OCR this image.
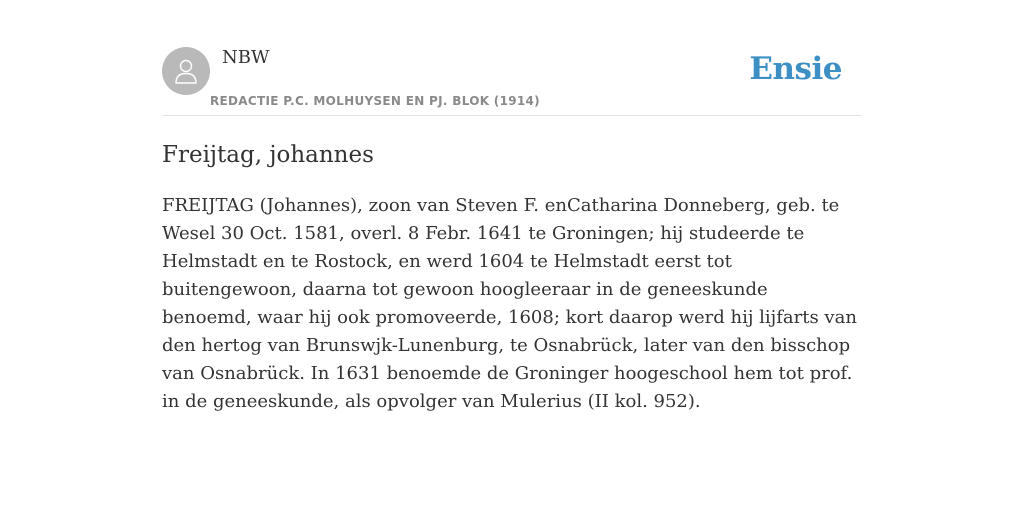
NBW
REDACTIE P.C. MOLHUYSEN EN PJ. BLOK (1914)
Ensie
Freijtag, johannes

FREIJTAG (Johannes), zoon van Steven F. enCatharina Donneberg, geb. te Wesel 30 Oct. 1581, overl. 8 Febr. 1641 te Groningen; hij studeerde te Helmstadt en te Rostock, en werd 1604 te Helmstadt eerst tot buitengewoon, daarna tot gewoon hoogleeraar in de geneeskunde benoemd, waar hij ook promoveerde, 1608; kort daarop werd hij lijfarts van den hertog van Brunswjk-Lunenburg, te Osnabrück, later van den bisschop van Osnabrück. In 1631 benoemde de Groninger hoogeschool hem tot prof. in de geneeskunde, als opvolger van Mulerius (II kol. 952).
